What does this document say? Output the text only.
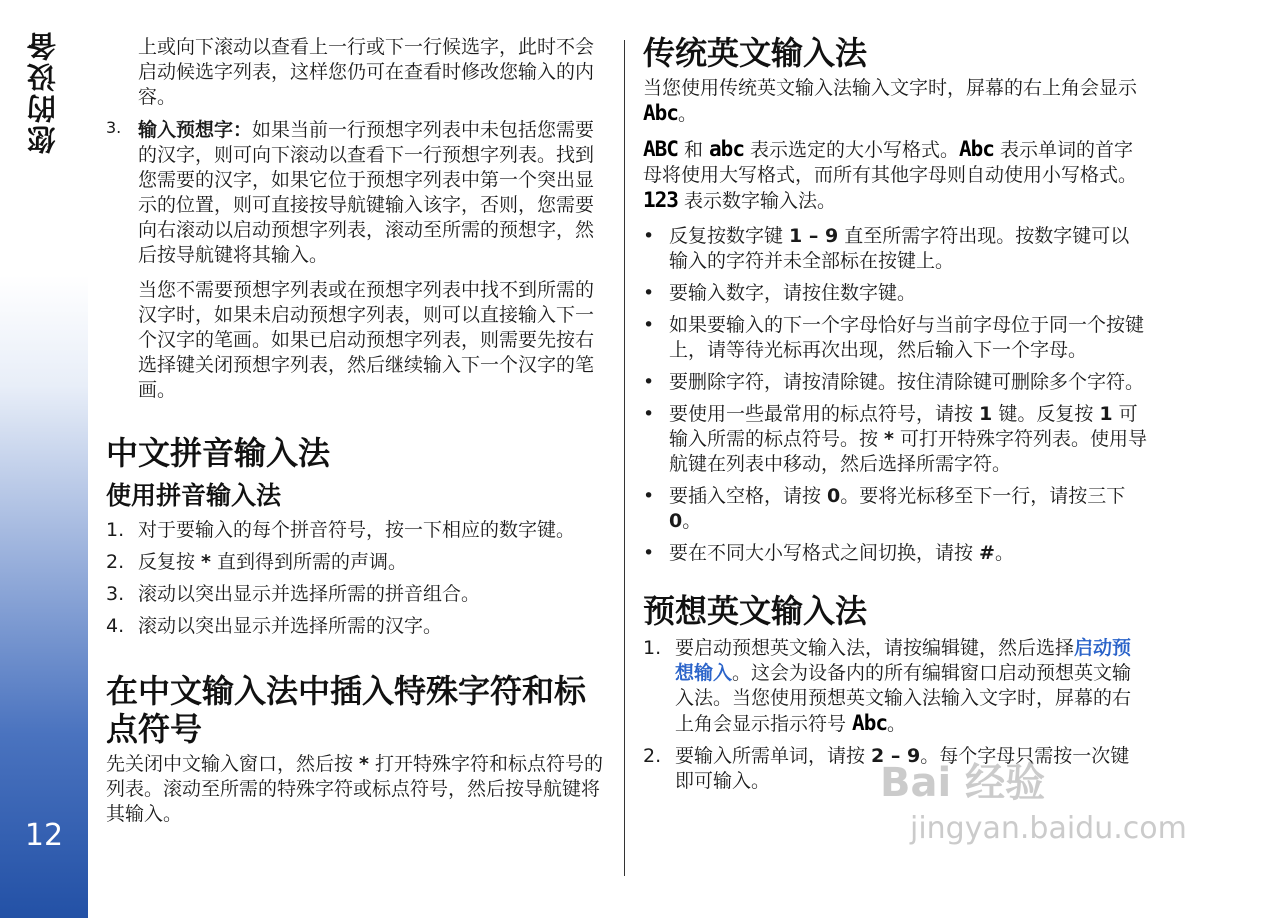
您的设备
12

上或向下滚动以查看上一行或下一行候选字，此时不会启动候选字列表，这样您仍可在查看时修改您输入的内容。

3. 输入预想字：如果当前一行预想字列表中未包括您需要的汉字，则可向下滚动以查看下一行预想字列表。找到您需要的汉字，如果它位于预想字列表中第一个突出显示的位置，则可直接按导航键输入该字，否则，您需要向右滚动以启动预想字列表，滚动至所需的预想字，然后按导航键将其输入。

当您不需要预想字列表或在预想字列表中找不到所需的汉字时，如果未启动预想字列表，则可以直接输入下一个汉字的笔画。如果已启动预想字列表，则需要先按右选择键关闭预想字列表，然后继续输入下一个汉字的笔画。

中文拼音输入法
使用拼音输入法
1. 对于要输入的每个拼音符号，按一下相应的数字键。
2. 反复按 * 直到得到所需的声调。
3. 滚动以突出显示并选择所需的拼音组合。
4. 滚动以突出显示并选择所需的汉字。
在中文输入法中插入特殊字符和标点符号

先关闭中文输入窗口，然后按 * 打开特殊字符和标点符号的列表。滚动至所需的特殊字符或标点符号，然后按导航键将其输入。

传统英文输入法

当您使用传统英文输入法输入文字时，屏幕的右上角会显示 Abc。

ABC 和 abc 表示选定的大小写格式。Abc 表示单词的首字母将使用大写格式，而所有其他字母则自动使用小写格式。123 表示数字输入法。

• 反复按数字键 1 – 9 直至所需字符出现。按数字键可以输入的字符并未全部标在按键上。
• 要输入数字，请按住数字键。
• 如果要输入的下一个字母恰好与当前字母位于同一个按键上，请等待光标再次出现，然后输入下一个字母。
• 要删除字符，请按清除键。按住清除键可删除多个字符。
• 要使用一些最常用的标点符号，请按 1 键。反复按 1 可输入所需的标点符号。按 * 可打开特殊字符列表。使用导航键在列表中移动，然后选择所需字符。
• 要插入空格，请按 0。要将光标移至下一行，请按三下 0。
• 要在不同大小写格式之间切换，请按 #。
预想英文输入法
1. 要启动预想英文输入法，请按编辑键，然后选择启动预想输入。这会为设备内的所有编辑窗口启动预想英文输入法。当您使用预想英文输入法输入文字时，屏幕的右上角会显示指示符号 Abc。
2. 要输入所需单词，请按 2 – 9。每个字母只需按一次键即可输入。	Bai 经验
jingyan.baidu.com
